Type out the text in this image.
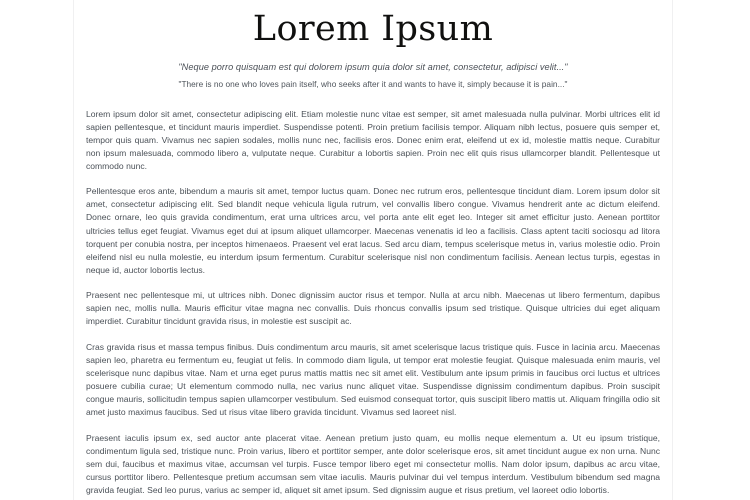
Lorem Ipsum

"Neque porro quisquam est qui dolorem ipsum quia dolor sit amet, consectetur, adipisci velit..."

"There is no one who loves pain itself, who seeks after it and wants to have it, simply because it is pain..."

Lorem ipsum dolor sit amet, consectetur adipiscing elit. Etiam molestie nunc vitae est semper, sit amet malesuada nulla pulvinar. Morbi ultrices elit id sapien pellentesque, et tincidunt mauris imperdiet. Suspendisse potenti. Proin pretium facilisis tempor. Aliquam nibh lectus, posuere quis semper et, tempor quis quam. Vivamus nec sapien sodales, mollis nunc nec, facilisis eros. Donec enim erat, eleifend ut ex id, molestie mattis neque. Curabitur non ipsum malesuada, commodo libero a, vulputate neque. Curabitur a lobortis sapien. Proin nec elit quis risus ullamcorper blandit. Pellentesque ut commodo nunc.

Pellentesque eros ante, bibendum a mauris sit amet, tempor luctus quam. Donec nec rutrum eros, pellentesque tincidunt diam. Lorem ipsum dolor sit amet, consectetur adipiscing elit. Sed blandit neque vehicula ligula rutrum, vel convallis libero congue. Vivamus hendrerit ante ac dictum eleifend. Donec ornare, leo quis gravida condimentum, erat urna ultrices arcu, vel porta ante elit eget leo. Integer sit amet efficitur justo. Aenean porttitor ultricies tellus eget feugiat. Vivamus eget dui at ipsum aliquet ullamcorper. Maecenas venenatis id leo a facilisis. Class aptent taciti sociosqu ad litora torquent per conubia nostra, per inceptos himenaeos. Praesent vel erat lacus. Sed arcu diam, tempus scelerisque metus in, varius molestie odio. Proin eleifend nisl eu nulla molestie, eu interdum ipsum fermentum. Curabitur scelerisque nisl non condimentum facilisis. Aenean lectus turpis, egestas in neque id, auctor lobortis lectus.

Praesent nec pellentesque mi, ut ultrices nibh. Donec dignissim auctor risus et tempor. Nulla at arcu nibh. Maecenas ut libero fermentum, dapibus sapien nec, mollis nulla. Mauris efficitur vitae magna nec convallis. Duis rhoncus convallis ipsum sed tristique. Quisque ultricies dui eget aliquam imperdiet. Curabitur tincidunt gravida risus, in molestie est suscipit ac.

Cras gravida risus et massa tempus finibus. Duis condimentum arcu mauris, sit amet scelerisque lacus tristique quis. Fusce in lacinia arcu. Maecenas sapien leo, pharetra eu fermentum eu, feugiat ut felis. In commodo diam ligula, ut tempor erat molestie feugiat. Quisque malesuada enim mauris, vel scelerisque nunc dapibus vitae. Nam et urna eget purus mattis mattis nec sit amet elit. Vestibulum ante ipsum primis in faucibus orci luctus et ultrices posuere cubilia curae; Ut elementum commodo nulla, nec varius nunc aliquet vitae. Suspendisse dignissim condimentum dapibus. Proin suscipit congue mauris, sollicitudin tempus sapien ullamcorper vestibulum. Sed euismod consequat tortor, quis suscipit libero mattis ut. Aliquam fringilla odio sit amet justo maximus faucibus. Sed ut risus vitae libero gravida tincidunt. Vivamus sed laoreet nisl.

Praesent iaculis ipsum ex, sed auctor ante placerat vitae. Aenean pretium justo quam, eu mollis neque elementum a. Ut eu ipsum tristique, condimentum ligula sed, tristique nunc. Proin varius, libero et porttitor semper, ante dolor scelerisque eros, sit amet tincidunt augue ex non urna. Nunc sem dui, faucibus et maximus vitae, accumsan vel turpis. Fusce tempor libero eget mi consectetur mollis. Nam dolor ipsum, dapibus ac arcu vitae, cursus porttitor libero. Pellentesque pretium accumsan sem vitae iaculis. Mauris pulvinar dui vel tempus interdum. Vestibulum bibendum sed magna gravida feugiat. Sed leo purus, varius ac semper id, aliquet sit amet ipsum. Sed dignissim augue et risus pretium, vel laoreet odio lobortis.
